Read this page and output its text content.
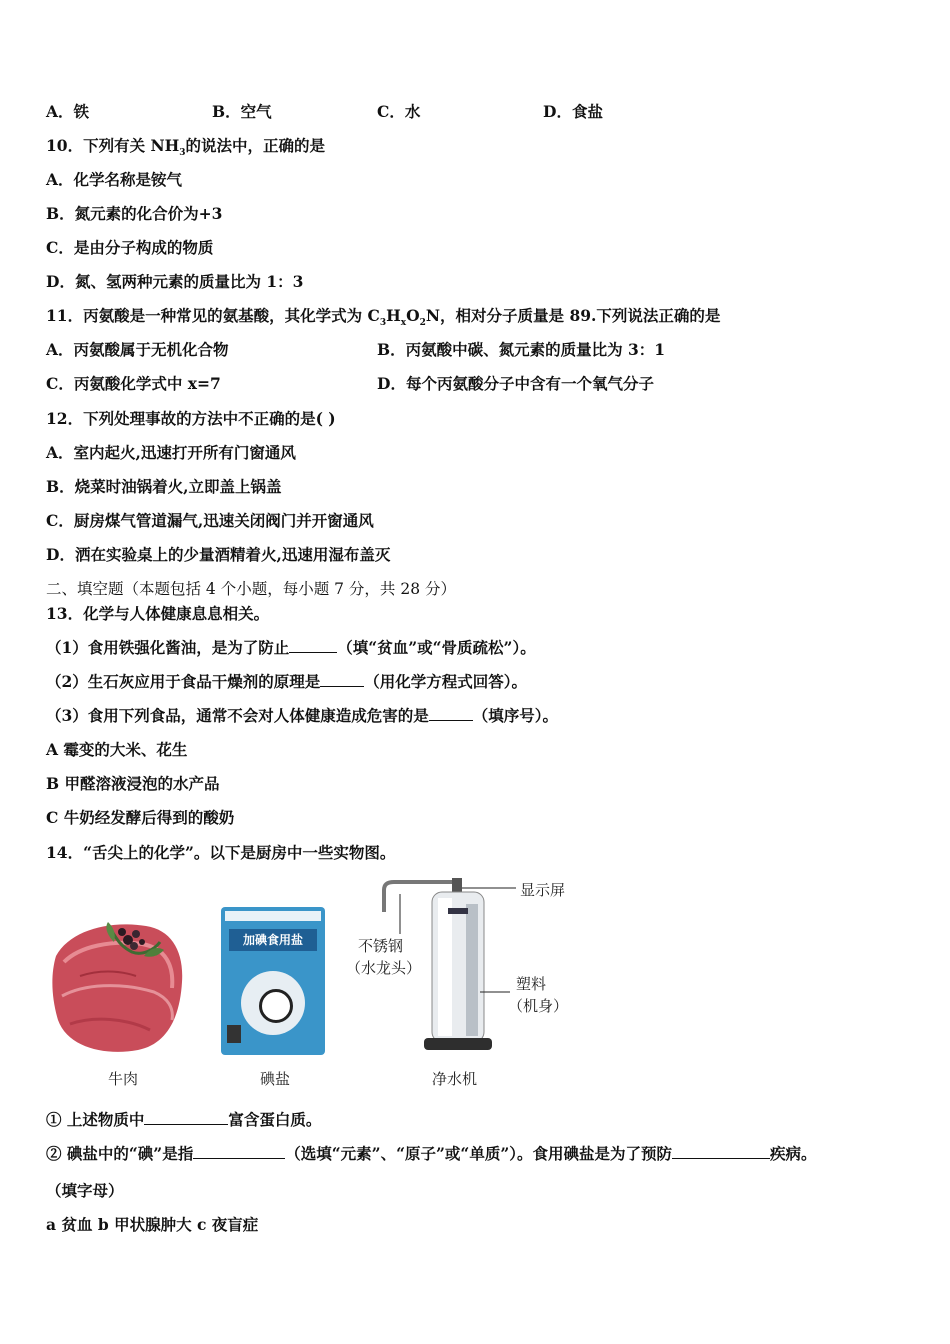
A．铁	B．空气	C．水	D．食盐
10．下列有关 $NH_3$的说法中，正确的是
A．化学名称是铵气
B．氮元素的化合价为+3
C．是由分子构成的物质
D．氮、氢两种元素的质量比为 1：3
11．丙氨酸是一种常见的氨基酸，其化学式为 $C_3H_xO_2N$，相对分子质量是 89.下列说法正确的是
A．丙氨酸属于无机化合物	B．丙氨酸中碳、氮元素的质量比为 3：1
C．丙氨酸化学式中 x=7	D．每个丙氨酸分子中含有一个氧气分子
12．下列处理事故的方法中不正确的是( )
A．室内起火,迅速打开所有门窗通风
B．烧菜时油锅着火,立即盖上锅盖
C．厨房煤气管道漏气,迅速关闭阀门并开窗通风
D．洒在实验桌上的少量酒精着火,迅速用湿布盖灭
二、填空题（本题包括 4 个小题，每小题 7 分，共 28 分）
13．化学与人体健康息息相关。
（1）食用铁强化酱油，是为了防止	（填“贫血”或“骨质疏松”）。
（2）生石灰应用于食品干燥剂的原理是	（用化学方程式回答）。
（3）食用下列食品，通常不会对人体健康造成危害的是	（填序号）。
A 霉变的大米、花生
B 甲醛溶液浸泡的水产品
C 牛奶经发酵后得到的酸奶
14．“舌尖上的化学”。以下是厨房中一些实物图。
牛肉
加碘食用盐
碘盐
显示屏
不锈钢
（水龙头）
塑料
（机身）
净水机
① 上述物质中	富含蛋白质。
② 碘盐中的“碘”是指	（选填“元素”、“原子”或“单质”）。食用碘盐是为了预防	疾病。
（填字母）
a 贫血 b 甲状腺肿大 c 夜盲症
